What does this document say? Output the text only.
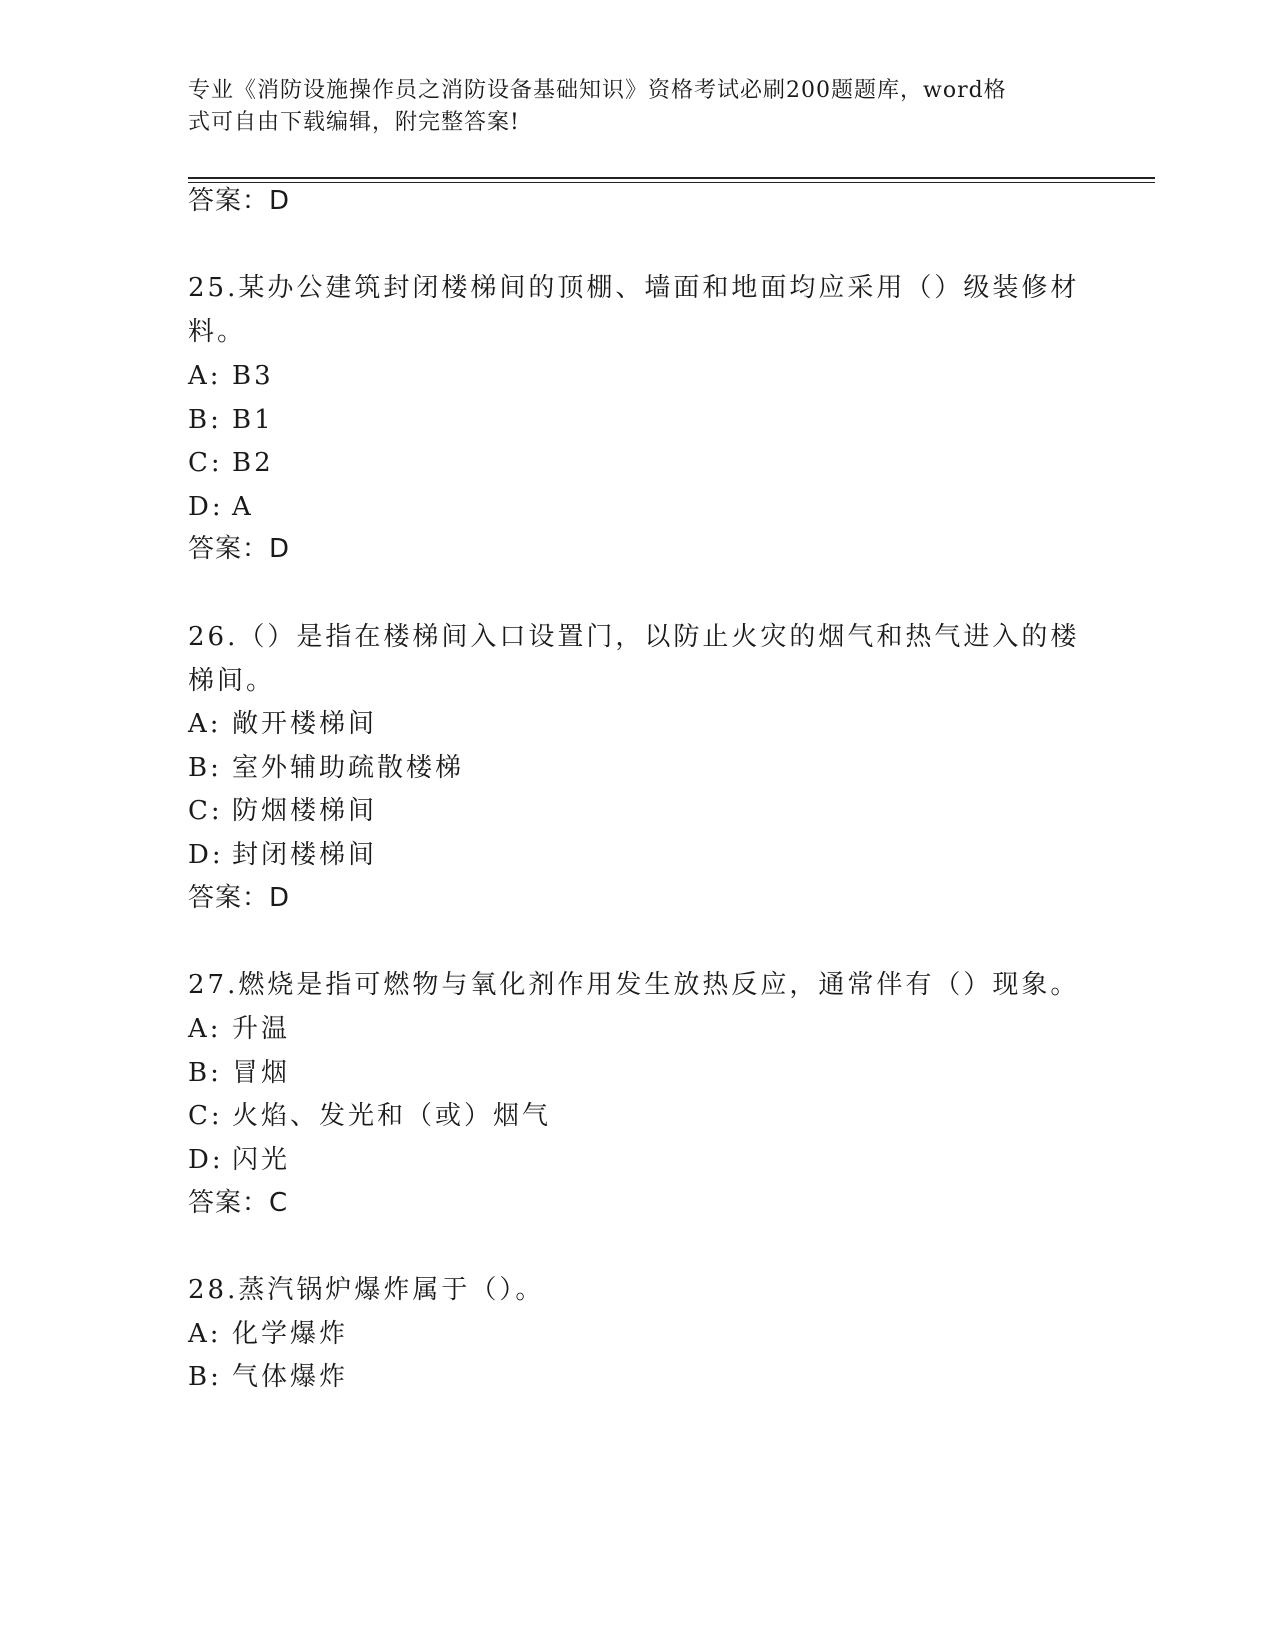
专业《消防设施操作员之消防设备基础知识》资格考试必刷200题题库，word格
式可自由下载编辑，附完整答案!
答案：D
25.某办公建筑封闭楼梯间的顶棚、墙面和地面均应采用（）级装修材
料。
A: B3
B: B1
C: B2
D: A
答案：D
26.（）是指在楼梯间入口设置门，以防止火灾的烟气和热气进入的楼
梯间。
A: 敞开楼梯间
B: 室外辅助疏散楼梯
C: 防烟楼梯间
D: 封闭楼梯间
答案：D
27.燃烧是指可燃物与氧化剂作用发生放热反应，通常伴有（）现象。
A: 升温
B: 冒烟
C: 火焰、发光和（或）烟气
D: 闪光
答案：C
28.蒸汽锅炉爆炸属于（）。
A: 化学爆炸
B: 气体爆炸
